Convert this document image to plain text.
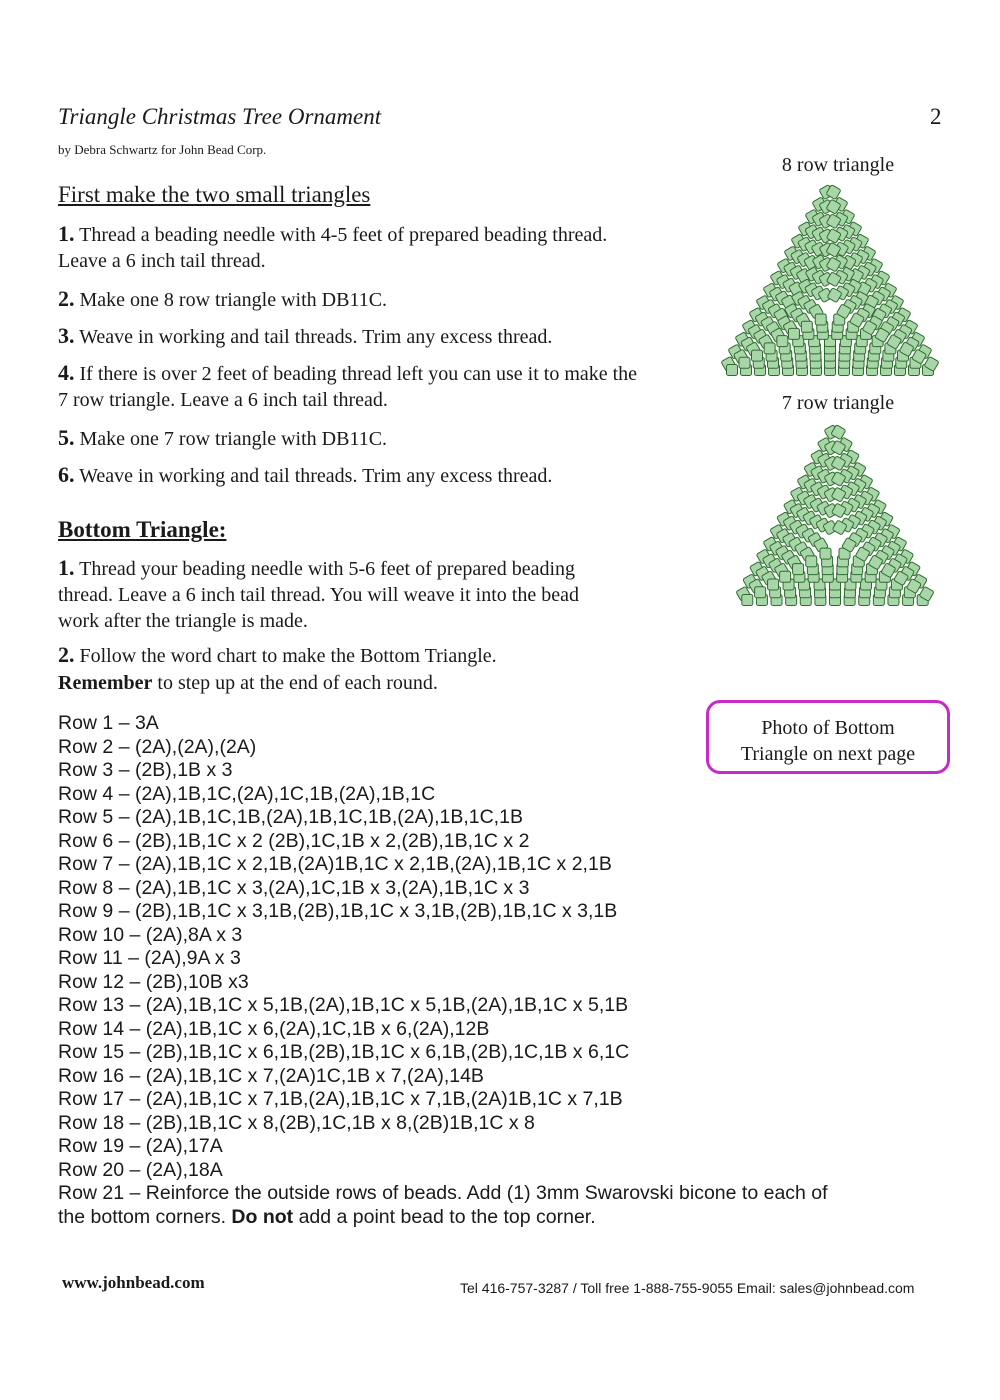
Triangle Christmas Tree Ornament	2
by Debra Schwartz for John Bead Corp.
First make the two small triangles
1. Thread a beading needle with 4-5 feet of prepared beading thread. Leave a 6 inch tail thread.
2. Make one 8 row triangle with DB11C.
3. Weave in working and tail threads. Trim any excess thread.
4. If there is over 2 feet of beading thread left you can use it to make the 7 row triangle. Leave a 6 inch tail thread.
5. Make one 7 row triangle with DB11C.
6. Weave in working and tail threads. Trim any excess thread.
8 row triangle
7 row triangle
Photo of Bottom
Triangle on next page
Bottom Triangle:
1. Thread your beading needle with 5-6 feet of prepared beading thread. Leave a 6 inch tail thread. You will weave it into the bead work after the triangle is made.
2. Follow the word chart to make the Bottom Triangle.
Remember to step up at the end of each round.
Row 1 – 3A
Row 2 – (2A),(2A),(2A)
Row 3 – (2B),1B x 3
Row 4 – (2A),1B,1C,(2A),1C,1B,(2A),1B,1C
Row 5 – (2A),1B,1C,1B,(2A),1B,1C,1B,(2A),1B,1C,1B
Row 6 – (2B),1B,1C x 2 (2B),1C,1B x 2,(2B),1B,1C x 2
Row 7 – (2A),1B,1C x 2,1B,(2A)1B,1C x 2,1B,(2A),1B,1C x 2,1B
Row 8 – (2A),1B,1C x 3,(2A),1C,1B x 3,(2A),1B,1C x 3
Row 9 – (2B),1B,1C x 3,1B,(2B),1B,1C x 3,1B,(2B),1B,1C x 3,1B
Row 10 – (2A),8A x 3
Row 11 – (2A),9A x 3
Row 12 – (2B),10B x3
Row 13 – (2A),1B,1C x 5,1B,(2A),1B,1C x 5,1B,(2A),1B,1C x 5,1B
Row 14 – (2A),1B,1C x 6,(2A),1C,1B x 6,(2A),12B
Row 15 – (2B),1B,1C x 6,1B,(2B),1B,1C x 6,1B,(2B),1C,1B x 6,1C
Row 16 – (2A),1B,1C x 7,(2A)1C,1B x 7,(2A),14B
Row 17 – (2A),1B,1C x 7,1B,(2A),1B,1C x 7,1B,(2A)1B,1C x 7,1B
Row 18 – (2B),1B,1C x 8,(2B),1C,1B x 8,(2B)1B,1C x 8
Row 19 – (2A),17A
Row 20 – (2A),18A
Row 21 – Reinforce the outside rows of beads. Add (1) 3mm Swarovski bicone to each of the bottom corners. Do not add a point bead to the top corner.
www.johnbead.com	Tel 416-757-3287 / Toll free 1-888-755-9055 Email: sales@johnbead.com
